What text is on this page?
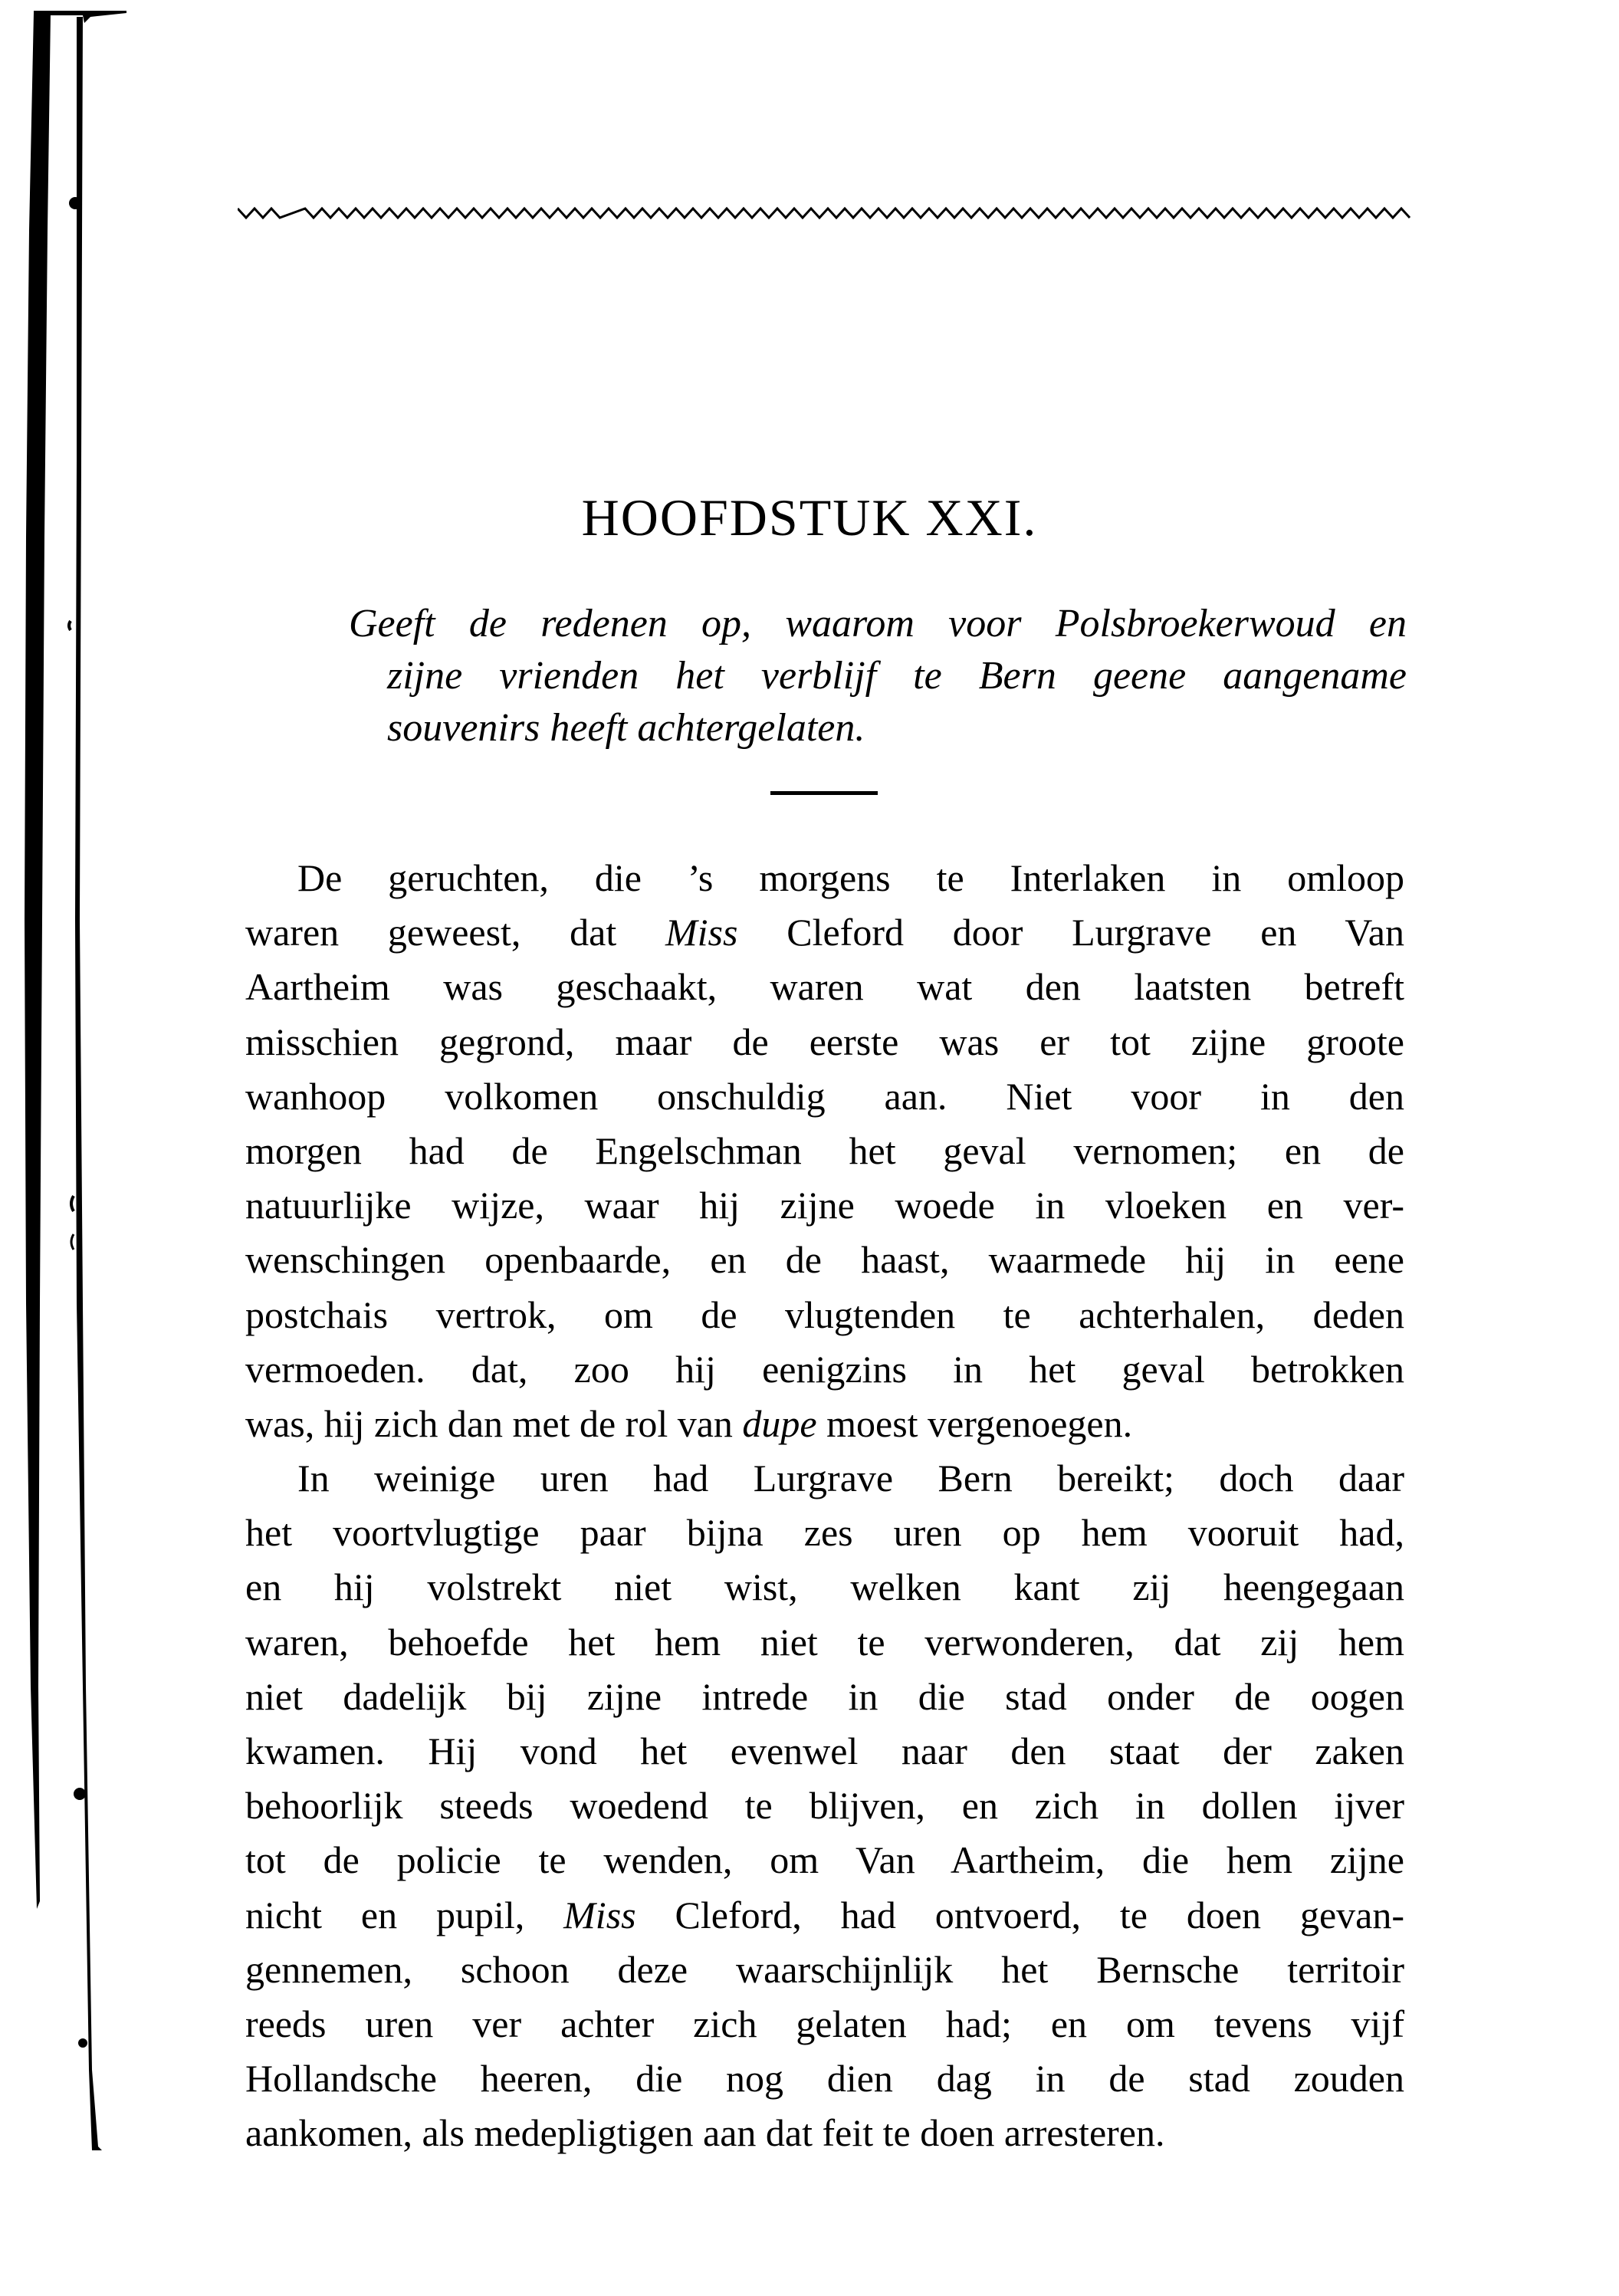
HOOFDSTUK XXI.
Geeft de redenen op, waarom voor Polsbroekerwoud en
zijne vrienden het verblijf te Bern geene aangename
souvenirs heeft achtergelaten.
De geruchten, die ’s morgens te Interlaken in omloop
waren geweest, dat Miss Cleford door Lurgrave en Van
Aartheim was geschaakt, waren wat den laatsten betreft
misschien gegrond, maar de eerste was er tot zijne groote
wanhoop volkomen onschuldig aan. Niet voor in den
morgen had de Engelschman het geval vernomen; en de
natuurlijke wijze, waar hij zijne woede in vloeken en ver-
wenschingen openbaarde, en de haast, waarmede hij in eene
postchais vertrok, om de vlugtenden te achterhalen, deden
vermoeden. dat, zoo hij eenigzins in het geval betrokken
was, hij zich dan met de rol van dupe moest vergenoegen.
In weinige uren had Lurgrave Bern bereikt; doch daar
het voortvlugtige paar bijna zes uren op hem vooruit had,
en hij volstrekt niet wist, welken kant zij heengegaan
waren, behoefde het hem niet te verwonderen, dat zij hem
niet dadelijk bij zijne intrede in die stad onder de oogen
kwamen. Hij vond het evenwel naar den staat der zaken
behoorlijk steeds woedend te blijven, en zich in dollen ijver
tot de policie te wenden, om Van Aartheim, die hem zijne
nicht en pupil, Miss Cleford, had ontvoerd, te doen gevan-
gennemen, schoon deze waarschijnlijk het Bernsche territoir
reeds uren ver achter zich gelaten had; en om tevens vijf
Hollandsche heeren, die nog dien dag in de stad zouden
aankomen, als medepligtigen aan dat feit te doen arresteren.
